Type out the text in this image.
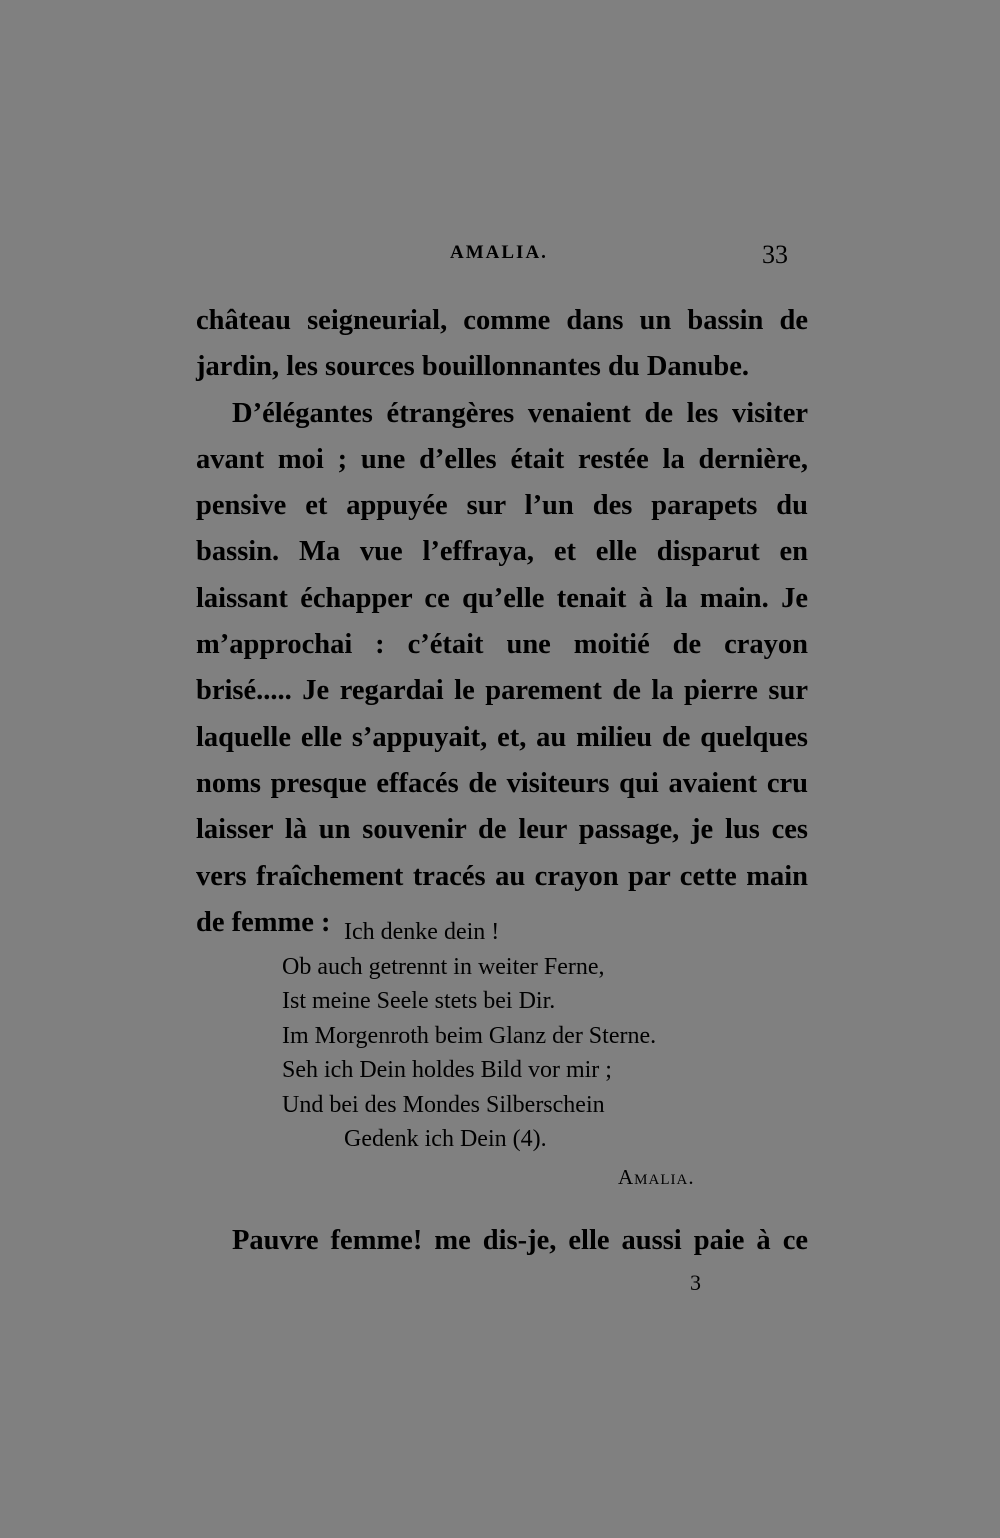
AMALIA.	33

château seigneurial, comme dans un bassin de jardin, les sources bouillonnantes du Danube.

D’élégantes étrangères venaient de les visiter avant moi ; une d’elles était restée la dernière, pensive et appuyée sur l’un des parapets du bassin. Ma vue l’effraya, et elle disparut en laissant échapper ce qu’elle tenait à la main. Je m’approchai : c’était une moitié de crayon brisé..... Je regardai le parement de la pierre sur laquelle elle s’appuyait, et, au milieu de quelques noms presque effacés de visiteurs qui avaient cru laisser là un souvenir de leur passage, je lus ces vers fraîchement tracés au crayon par cette main de femme : Ich denke dein !
Ob auch getrennt in weiter Ferne,
Ist meine Seele stets bei Dir.
Im Morgenroth beim Glanz der Sterne.
Seh ich Dein holdes Bild vor mir ;
Und bei des Mondes Silberschein
Gedenk ich Dein (4).
Amalia.
Pauvre femme! me dis-je, elle aussi paie à ce
3
